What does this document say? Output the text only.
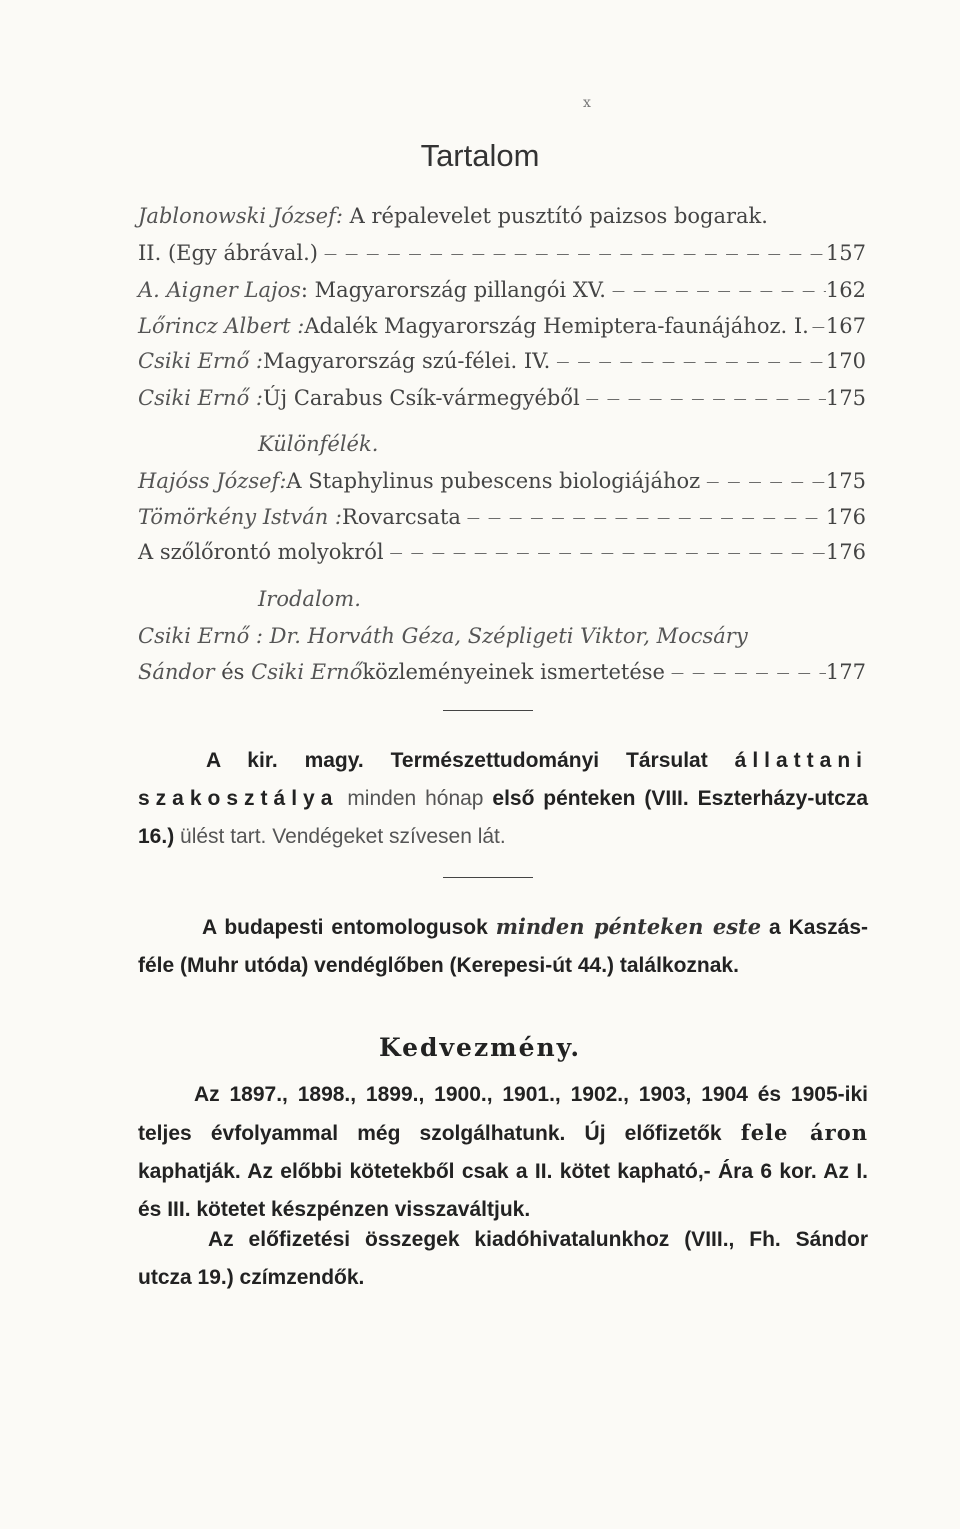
x
Tartalom
Jablonowski József: A répalevelet pusztító paizsos bogarak.
II. (Egy ábrával.) — — —	157
A. Aigner Lajos : Magyarország pillangói XV. — — —	162
Lőrincz Albert : Adalék Magyarország Hemiptera-faunájához. I. — — — 167
Csiki Ernő : Magyarország szú-félei. IV. — — —	170
Csiki Ernő : Új Carabus Csík-vármegyéből — — —	175
Különfélék.
Hajóss József: A Staphylinus pubescens biologiájához — — —	175
Tömörkény István : Rovarcsata — — —	176
A szőlőrontó molyokról — — —	176
Irodalom.
Csiki Ernő : Dr. Horváth Géza, Szépligeti Viktor, Mocsáry
Sándor és Csiki Ernő közleményeinek ismertetése — — —	177

A kir. magy. Természettudományi Társulat állattani szakosztálya minden hónap első pénteken (VIII. Eszterházy-utcza 16.) ülést tart. Vendégeket szívesen lát.

A budapesti entomologusok minden pénteken este a Kaszás-féle (Muhr utóda) vendéglőben (Kerepesi-út 44.) találkoznak.

Kedvezmény.

Az 1897., 1898., 1899., 1900., 1901., 1902., 1903, 1904 és 1905-iki teljes évfolyammal még szolgálhatunk. Új előfizetők fele áron kaphatják. Az előbbi kötetekből csak a II. kötet kapható,- Ára 6 kor. Az I. és III. kötetet készpénzen visszaváltjuk.

Az előfizetési összegek kiadóhivatalunkhoz (VIII., Fh. Sándor utcza 19.) czímzendők.
